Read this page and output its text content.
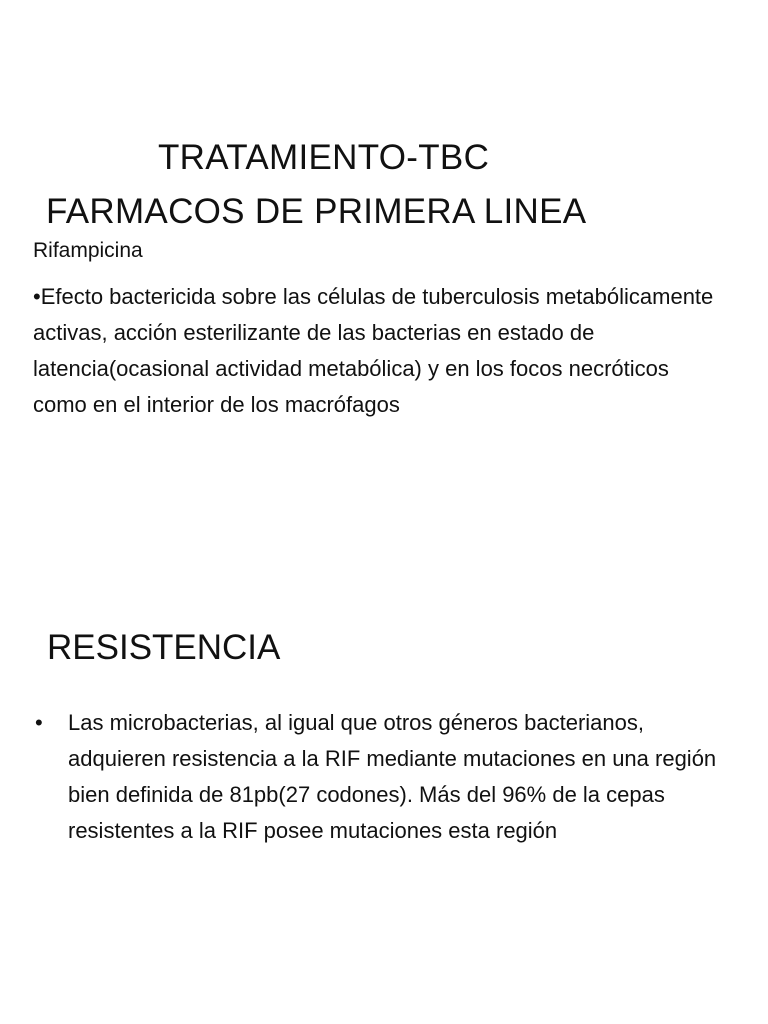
TRATAMIENTO-TBC
FARMACOS DE PRIMERA LINEA
Rifampicina
•Efecto bactericida sobre las células de tuberculosis metabólicamente activas, acción esterilizante de las bacterias en estado de latencia(ocasional actividad metabólica) y en los focos necróticos como en el interior de los macrófagos
RESISTENCIA
• Las microbacterias, al igual que otros géneros bacterianos, adquieren resistencia a la RIF mediante mutaciones en una región bien definida de 81pb(27 codones). Más del 96% de la cepas resistentes a la RIF posee mutaciones esta región
